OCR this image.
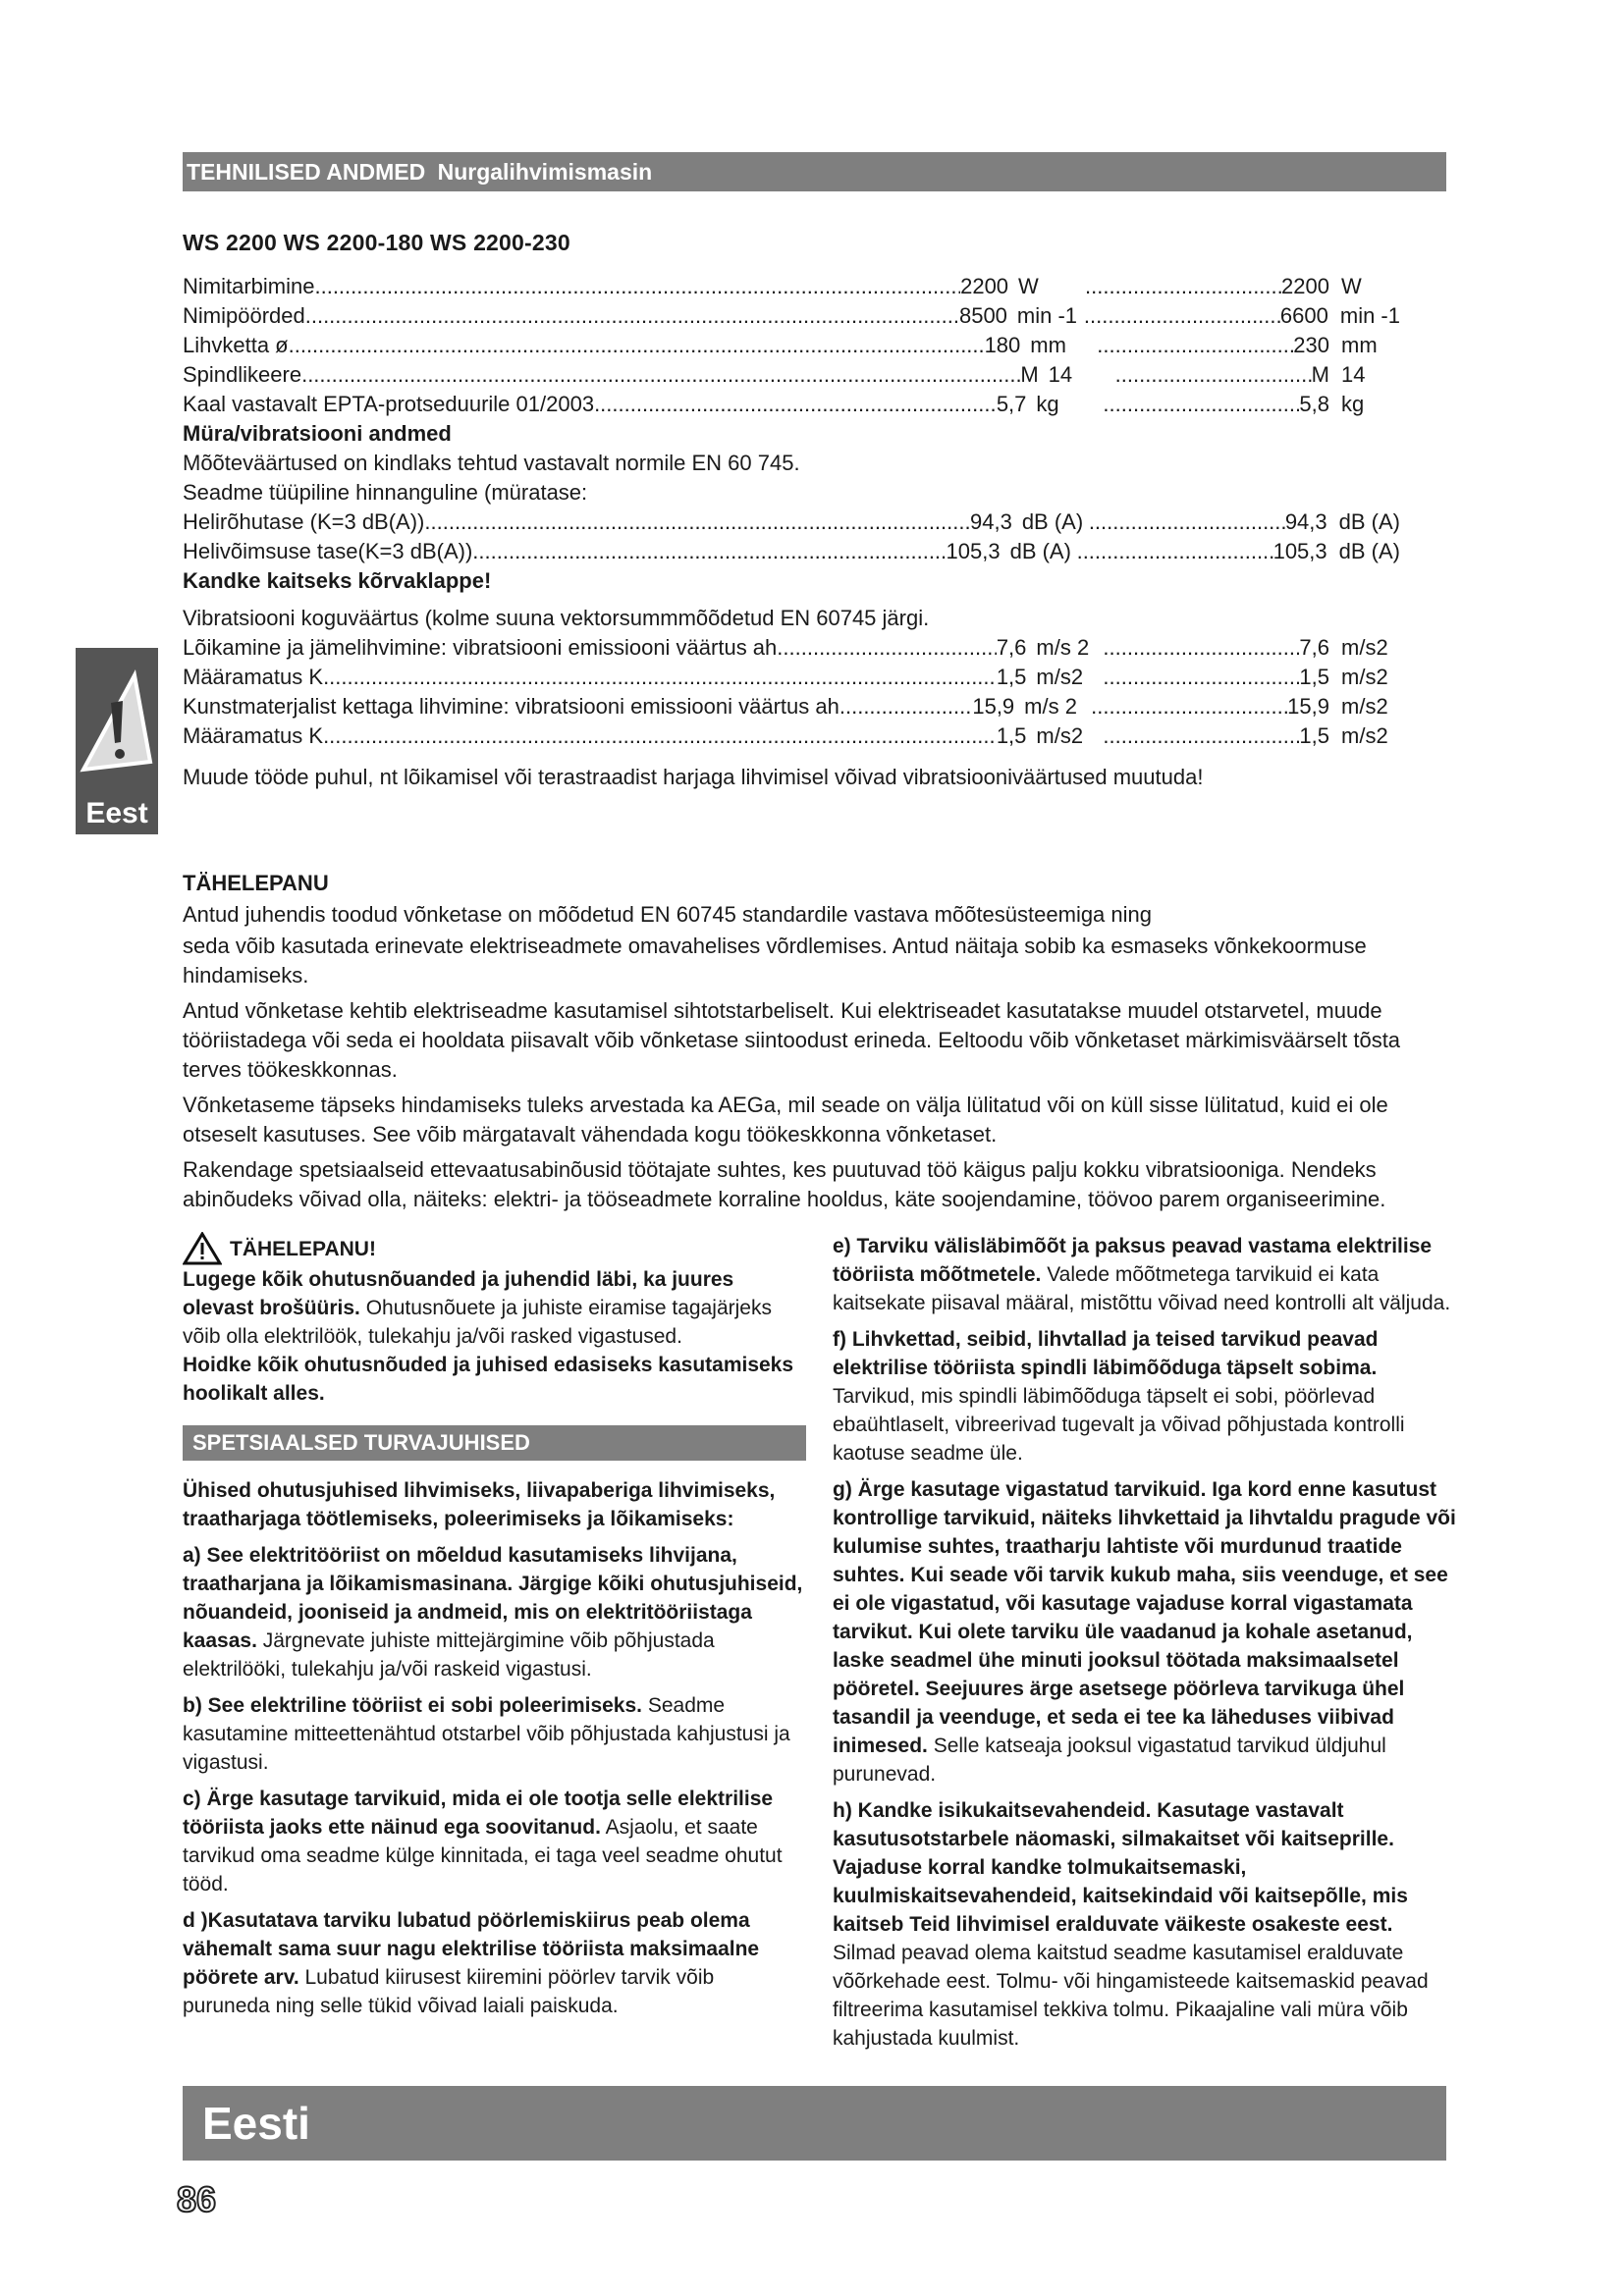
TEHNILISED ANDMED Nurgalihvimismasin
WS 2200 WS 2200-180 WS 2200-230
Nimitarbimine .....	2200 W .....	2200 W
Nimipöörded .....	8500 min -1 .....	6600 min -1
Lihvketta ø .....	180 mm .....	230 mm
Spindlikeere .....	M 14 .....	M 14
Kaal vastavalt EPTA-protseduurile 01/2003 .....	5,7 kg .....	5,8 kg
Müra/vibratsiooni andmed
Mõõteväärtused on kindlaks tehtud vastavalt normile EN 60 745.
Seadme tüüpiline hinnanguline (müratase:
Helirõhutase (K=3 dB(A)) .....	94,3 dB (A) .....	94,3 dB (A)
Helivõimsuse tase(K=3 dB(A)) .....	105,3 dB (A) .....	105,3 dB (A)
Kandke kaitseks kõrvaklappe!
Vibratsiooni koguväärtus (kolme suuna vektorsummmõõdetud EN 60745 järgi.
Lõikamine ja jämelihvimine: vibratsiooni emissiooni väärtus ah .....	7,6 m/s 2 .....	7,6 m/s2
Määramatus K .....	1,5 m/s2 .....	1,5 m/s2
Kunstmaterjalist kettaga lihvimine: vibratsiooni emissiooni väärtus ah .....	15,9 m/s 2 .....	15,9 m/s2
Määramatus K .....	1,5 m/s2 .....	1,5 m/s2
Muude tööde puhul, nt lõikamisel või terastraadist harjaga lihvimisel võivad vibratsiooniväärtused muutuda!
Eest

TÄHELEPANU

Antud juhendis toodud võnketase on mõõdetud EN 60745 standardile vastava mõõtesüsteemiga ning

seda võib kasutada erinevate elektriseadmete omavahelises võrdlemises. Antud näitaja sobib ka esmaseks võnkekoormuse hindamiseks.

Antud võnketase kehtib elektriseadme kasutamisel sihtotstarbeliselt. Kui elektriseadet kasutatakse muudel otstarvetel, muude tööriistadega või seda ei hooldata piisavalt võib võnketase siintoodust erineda. Eeltoodu võib võnketaset märkimisväärselt tõsta terves töökeskkonnas.

Võnketaseme täpseks hindamiseks tuleks arvestada ka AEGa, mil seade on välja lülitatud või on küll sisse lülitatud, kuid ei ole otseselt kasutuses. See võib märgatavalt vähendada kogu töökeskkonna võnketaset.

Rakendage spetsiaalseid ettevaatusabinõusid töötajate suhtes, kes puutuvad töö käigus palju kokku vibratsiooniga. Nendeks abinõudeks võivad olla, näiteks: elektri- ja tööseadmete korraline hooldus, käte soojendamine, töövoo parem organiseerimine.

TÄHELEPANU!

Lugege kõik ohutusnõuanded ja juhendid läbi, ka juures olevast brošüüris. Ohutusnõuete ja juhiste eiramise tagajärjeks võib olla elektrilöök, tulekahju ja/või rasked vigastused.

Hoidke kõik ohutusnõuded ja juhised edasiseks kasutamiseks hoolikalt alles.

SPETSIAALSED TURVAJUHISED

Ühised ohutusjuhised lihvimiseks, liivapaberiga lihvimiseks, traatharjaga töötlemiseks, poleerimiseks ja lõikamiseks:

a) See elektritööriist on mõeldud kasutamiseks lihvijana, traatharjana ja lõikamismasinana. Järgige kõiki ohutusjuhiseid, nõuandeid, jooniseid ja andmeid, mis on elektritööriistaga kaasas. Järgnevate juhiste mittejärgimine võib põhjustada elektrilööki, tulekahju ja/või raskeid vigastusi.

b) See elektriline tööriist ei sobi poleerimiseks. Seadme kasutamine mitteettenähtud otstarbel võib põhjustada kahjustusi ja vigastusi.

c) Ärge kasutage tarvikuid, mida ei ole tootja selle elektrilise tööriista jaoks ette näinud ega soovitanud. Asjaolu, et saate tarvikud oma seadme külge kinnitada, ei taga veel seadme ohutut tööd.

d )Kasutatava tarviku lubatud pöörlemiskiirus peab olema vähemalt sama suur nagu elektrilise tööriista maksimaalne pöörete arv. Lubatud kiirusest kiiremini pöörlev tarvik võib puruneda ning selle tükid võivad laiali paiskuda.

e) Tarviku välisläbimõõt ja paksus peavad vastama elektrilise tööriista mõõtmetele. Valede mõõtmetega tarvikuid ei kata kaitsekate piisaval määral, mistõttu võivad need kontrolli alt väljuda.

f) Lihvkettad, seibid, lihvtallad ja teised tarvikud peavad elektrilise tööriista spindli läbimõõduga täpselt sobima. Tarvikud, mis spindli läbimõõduga täpselt ei sobi, pöörlevad ebaühtlaselt, vibreerivad tugevalt ja võivad põhjustada kontrolli kaotuse seadme üle.

g) Ärge kasutage vigastatud tarvikuid. Iga kord enne kasutust kontrollige tarvikuid, näiteks lihvkettaid ja lihvtaldu pragude või kulumise suhtes, traatharju lahtiste või murdunud traatide suhtes. Kui seade või tarvik kukub maha, siis veenduge, et see ei ole vigastatud, või kasutage vajaduse korral vigastamata tarvikut. Kui olete tarviku üle vaadanud ja kohale asetanud, laske seadmel ühe minuti jooksul töötada maksimaalsetel pööretel. Seejuures ärge asetsege pöörleva tarvikuga ühel tasandil ja veenduge, et seda ei tee ka läheduses viibivad inimesed. Selle katseaja jooksul vigastatud tarvikud üldjuhul purunevad.

h) Kandke isikukaitsevahendeid. Kasutage vastavalt kasutusotstarbele näomaski, silmakaitset või kaitseprille. Vajaduse korral kandke tolmukaitsemaski, kuulmiskaitsevahendeid, kaitsekindaid või kaitsepõlle, mis kaitseb Teid lihvimisel eralduvate väikeste osakeste eest. Silmad peavad olema kaitstud seadme kasutamisel eralduvate võõrkehade eest. Tolmu- või hingamisteede kaitsemaskid peavad filtreerima kasutamisel tekkiva tolmu. Pikaajaline vali müra võib kahjustada kuulmist.

Eesti
86
